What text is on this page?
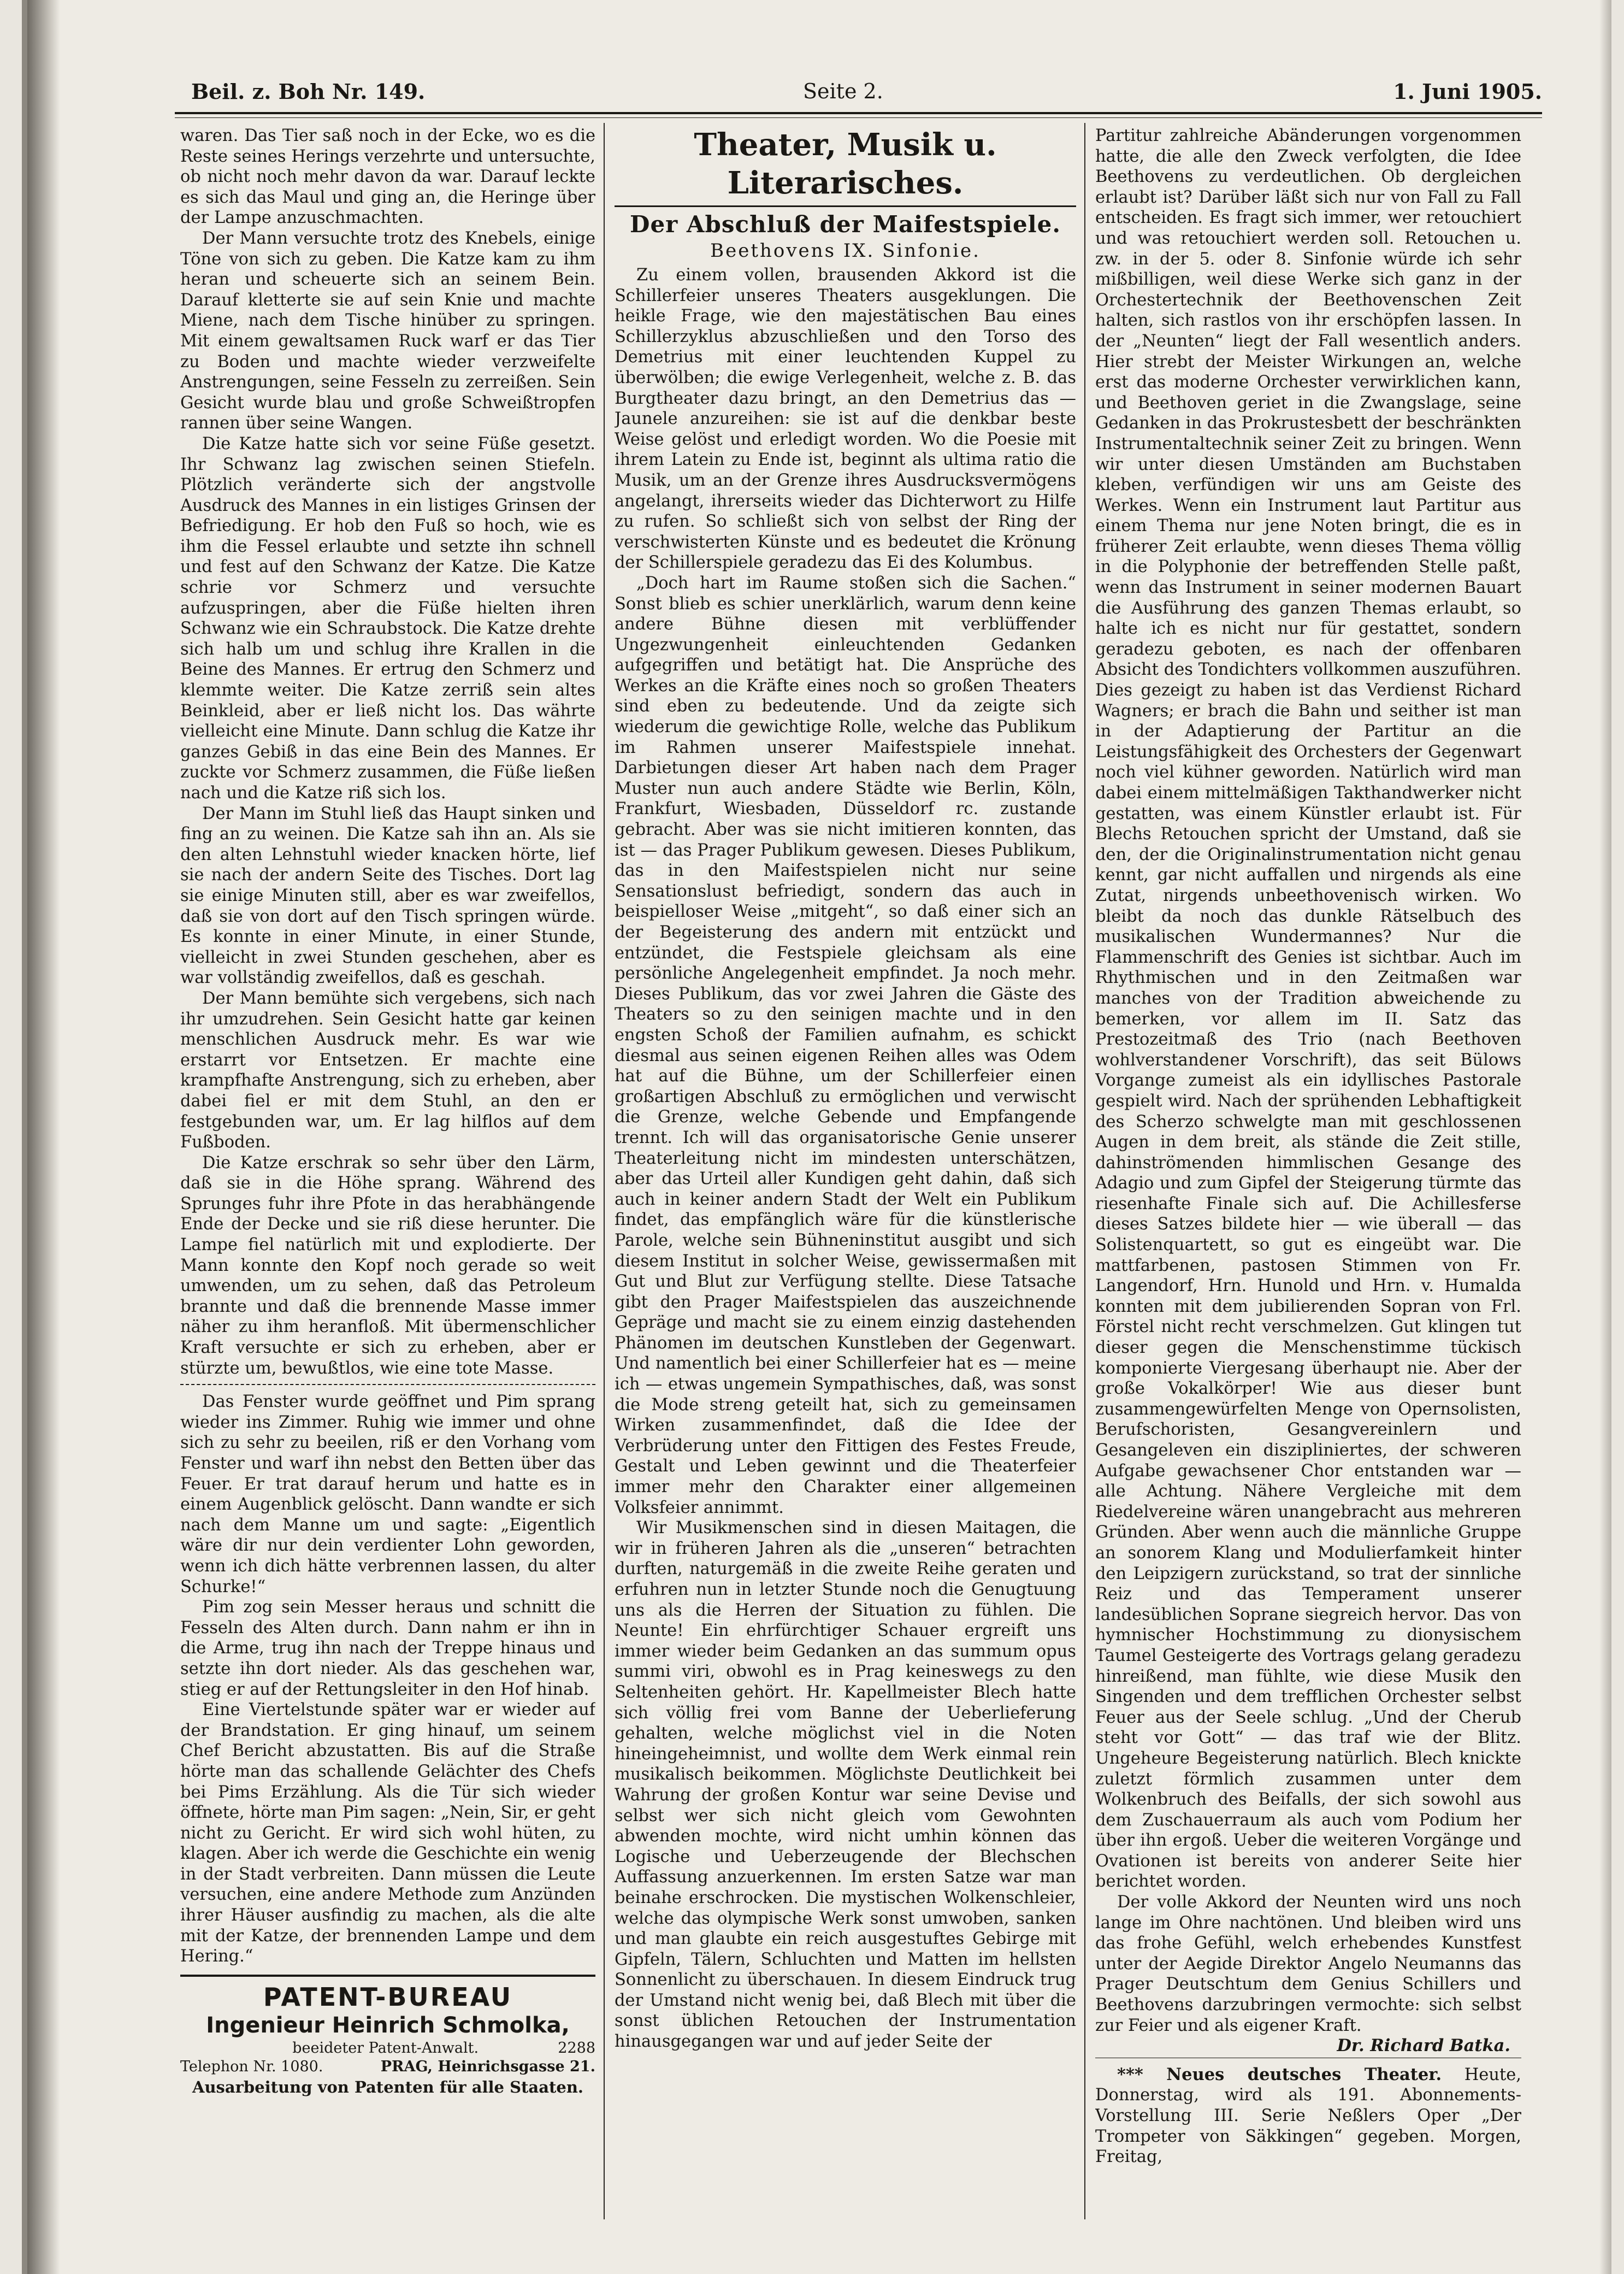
Beil. z. Boh Nr. 149.	Seite 2.	1. Juni 1905.

waren. Das Tier saß noch in der Ecke, wo es die Reste seines Herings verzehrte und untersuchte, ob nicht noch mehr davon da war. Darauf leckte es sich das Maul und ging an, die Heringe über der Lampe anzuschmachten.

Der Mann versuchte trotz des Knebels, einige Töne von sich zu geben. Die Katze kam zu ihm heran und scheuerte sich an seinem Bein. Darauf kletterte sie auf sein Knie und machte Miene, nach dem Tische hinüber zu springen. Mit einem gewaltsamen Ruck warf er das Tier zu Boden und machte wieder verzweifelte Anstrengungen, seine Fesseln zu zerreißen. Sein Gesicht wurde blau und große Schweißtropfen rannen über seine Wangen.

Die Katze hatte sich vor seine Füße gesetzt. Ihr Schwanz lag zwischen seinen Stiefeln. Plötzlich veränderte sich der angstvolle Ausdruck des Mannes in ein listiges Grinsen der Befriedigung. Er hob den Fuß so hoch, wie es ihm die Fessel erlaubte und setzte ihn schnell und fest auf den Schwanz der Katze. Die Katze schrie vor Schmerz und versuchte aufzuspringen, aber die Füße hielten ihren Schwanz wie ein Schraubstock. Die Katze drehte sich halb um und schlug ihre Krallen in die Beine des Mannes. Er ertrug den Schmerz und klemmte weiter. Die Katze zerriß sein altes Beinkleid, aber er ließ nicht los. Das währte vielleicht eine Minute. Dann schlug die Katze ihr ganzes Gebiß in das eine Bein des Mannes. Er zuckte vor Schmerz zusammen, die Füße ließen nach und die Katze riß sich los.

Der Mann im Stuhl ließ das Haupt sinken und fing an zu weinen. Die Katze sah ihn an. Als sie den alten Lehnstuhl wieder knacken hörte, lief sie nach der andern Seite des Tisches. Dort lag sie einige Minuten still, aber es war zweifellos, daß sie von dort auf den Tisch springen würde. Es konnte in einer Minute, in einer Stunde, vielleicht in zwei Stunden geschehen, aber es war vollständig zweifellos, daß es geschah.

Der Mann bemühte sich vergebens, sich nach ihr umzudrehen. Sein Gesicht hatte gar keinen menschlichen Ausdruck mehr. Es war wie erstarrt vor Entsetzen. Er machte eine krampfhafte Anstrengung, sich zu erheben, aber dabei fiel er mit dem Stuhl, an den er festgebunden war, um. Er lag hilflos auf dem Fußboden.

Die Katze erschrak so sehr über den Lärm, daß sie in die Höhe sprang. Während des Sprunges fuhr ihre Pfote in das herabhängende Ende der Decke und sie riß diese herunter. Die Lampe fiel natürlich mit und explodierte. Der Mann konnte den Kopf noch gerade so weit umwenden, um zu sehen, daß das Petroleum brannte und daß die brennende Masse immer näher zu ihm heranfloß. Mit übermenschlicher Kraft versuchte er sich zu erheben, aber er stürzte um, bewußtlos, wie eine tote Masse.

Das Fenster wurde geöffnet und Pim sprang wieder ins Zimmer. Ruhig wie immer und ohne sich zu sehr zu beeilen, riß er den Vorhang vom Fenster und warf ihn nebst den Betten über das Feuer. Er trat darauf herum und hatte es in einem Augenblick gelöscht. Dann wandte er sich nach dem Manne um und sagte: „Eigentlich wäre dir nur dein verdienter Lohn geworden, wenn ich dich hätte verbrennen lassen, du alter Schurke!“

Pim zog sein Messer heraus und schnitt die Fesseln des Alten durch. Dann nahm er ihn in die Arme, trug ihn nach der Treppe hinaus und setzte ihn dort nieder. Als das geschehen war, stieg er auf der Rettungsleiter in den Hof hinab.

Eine Viertelstunde später war er wieder auf der Brandstation. Er ging hinauf, um seinem Chef Bericht abzustatten. Bis auf die Straße hörte man das schallende Gelächter des Chefs bei Pims Erzählung. Als die Tür sich wieder öffnete, hörte man Pim sagen: „Nein, Sir, er geht nicht zu Gericht. Er wird sich wohl hüten, zu klagen. Aber ich werde die Geschichte ein wenig in der Stadt verbreiten. Dann müssen die Leute versuchen, eine andere Methode zum Anzünden ihrer Häuser ausfindig zu machen, als die alte mit der Katze, der brennenden Lampe und dem Hering.“

PATENT-BUREAU
Ingenieur Heinrich Schmolka,
beeideter Patent-Anwalt.	2288
Telephon Nr. 1080.	PRAG, Heinrichsgasse 21.
Ausarbeitung von Patenten für alle Staaten.
Theater, Musik u. Literarisches.
Der Abschluß der Maifestspiele.
Beethovens IX. Sinfonie.

Zu einem vollen, brausenden Akkord ist die Schillerfeier unseres Theaters ausgeklungen. Die heikle Frage, wie den majestätischen Bau eines Schillerzyklus abzuschließen und den Torso des Demetrius mit einer leuchtenden Kuppel zu überwölben; die ewige Verlegenheit, welche z. B. das Burgtheater dazu bringt, an den Demetrius das — Jaunele anzureihen: sie ist auf die denkbar beste Weise gelöst und erledigt worden. Wo die Poesie mit ihrem Latein zu Ende ist, beginnt als ultima ratio die Musik, um an der Grenze ihres Ausdrucksvermögens angelangt, ihrerseits wieder das Dichterwort zu Hilfe zu rufen. So schließt sich von selbst der Ring der verschwisterten Künste und es bedeutet die Krönung der Schillerspiele geradezu das Ei des Kolumbus.

„Doch hart im Raume stoßen sich die Sachen.“ Sonst blieb es schier unerklärlich, warum denn keine andere Bühne diesen mit verblüffender Ungezwungenheit einleuchtenden Gedanken aufgegriffen und betätigt hat. Die Ansprüche des Werkes an die Kräfte eines noch so großen Theaters sind eben zu bedeutende. Und da zeigte sich wiederum die gewichtige Rolle, welche das Publikum im Rahmen unserer Maifestspiele innehat. Darbietungen dieser Art haben nach dem Prager Muster nun auch andere Städte wie Berlin, Köln, Frankfurt, Wiesbaden, Düsseldorf rc. zustande gebracht. Aber was sie nicht imitieren konnten, das ist — das Prager Publikum gewesen. Dieses Publikum, das in den Maifestspielen nicht nur seine Sensationslust befriedigt, sondern das auch in beispielloser Weise „mitgeht“, so daß einer sich an der Begeisterung des andern mit entzückt und entzündet, die Festspiele gleichsam als eine persönliche Angelegenheit empfindet. Ja noch mehr. Dieses Publikum, das vor zwei Jahren die Gäste des Theaters so zu den seinigen machte und in den engsten Schoß der Familien aufnahm, es schickt diesmal aus seinen eigenen Reihen alles was Odem hat auf die Bühne, um der Schillerfeier einen großartigen Abschluß zu ermöglichen und verwischt die Grenze, welche Gebende und Empfangende trennt. Ich will das organisatorische Genie unserer Theaterleitung nicht im mindesten unterschätzen, aber das Urteil aller Kundigen geht dahin, daß sich auch in keiner andern Stadt der Welt ein Publikum findet, das empfänglich wäre für die künstlerische Parole, welche sein Bühneninstitut ausgibt und sich diesem Institut in solcher Weise, gewissermaßen mit Gut und Blut zur Verfügung stellte. Diese Tatsache gibt den Prager Maifestspielen das auszeichnende Gepräge und macht sie zu einem einzig dastehenden Phänomen im deutschen Kunstleben der Gegenwart. Und namentlich bei einer Schillerfeier hat es — meine ich — etwas ungemein Sympathisches, daß, was sonst die Mode streng geteilt hat, sich zu gemeinsamen Wirken zusammenfindet, daß die Idee der Verbrüderung unter den Fittigen des Festes Freude, Gestalt und Leben gewinnt und die Theaterfeier immer mehr den Charakter einer allgemeinen Volksfeier annimmt.

Wir Musikmenschen sind in diesen Maitagen, die wir in früheren Jahren als die „unseren“ betrachten durften, naturgemäß in die zweite Reihe geraten und erfuhren nun in letzter Stunde noch die Genugtuung uns als die Herren der Situation zu fühlen. Die Neunte! Ein ehrfürchtiger Schauer ergreift uns immer wieder beim Gedanken an das summum opus summi viri, obwohl es in Prag keineswegs zu den Seltenheiten gehört. Hr. Kapellmeister Blech hatte sich völlig frei vom Banne der Ueberlieferung gehalten, welche möglichst viel in die Noten hineingeheimnist, und wollte dem Werk einmal rein musikalisch beikommen. Möglichste Deutlichkeit bei Wahrung der großen Kontur war seine Devise und selbst wer sich nicht gleich vom Gewohnten abwenden mochte, wird nicht umhin können das Logische und Ueberzeugende der Blechschen Auffassung anzuerkennen. Im ersten Satze war man beinahe erschrocken. Die mystischen Wolkenschleier, welche das olympische Werk sonst umwoben, sanken und man glaubte ein reich ausgestuftes Gebirge mit Gipfeln, Tälern, Schluchten und Matten im hellsten Sonnenlicht zu überschauen. In diesem Eindruck trug der Umstand nicht wenig bei, daß Blech mit über die sonst üblichen Retouchen der Instrumentation hinausgegangen war und auf jeder Seite der

Partitur zahlreiche Abänderungen vorgenommen hatte, die alle den Zweck verfolgten, die Idee Beethovens zu verdeutlichen. Ob dergleichen erlaubt ist? Darüber läßt sich nur von Fall zu Fall entscheiden. Es fragt sich immer, wer retouchiert und was retouchiert werden soll. Retouchen u. zw. in der 5. oder 8. Sinfonie würde ich sehr mißbilligen, weil diese Werke sich ganz in der Orchestertechnik der Beethovenschen Zeit halten, sich rastlos von ihr erschöpfen lassen. In der „Neunten“ liegt der Fall wesentlich anders. Hier strebt der Meister Wirkungen an, welche erst das moderne Orchester verwirklichen kann, und Beethoven geriet in die Zwangslage, seine Gedanken in das Prokrustesbett der beschränkten Instrumentaltechnik seiner Zeit zu bringen. Wenn wir unter diesen Umständen am Buchstaben kleben, verfündigen wir uns am Geiste des Werkes. Wenn ein Instrument laut Partitur aus einem Thema nur jene Noten bringt, die es in früherer Zeit erlaubte, wenn dieses Thema völlig in die Polyphonie der betreffenden Stelle paßt, wenn das Instrument in seiner modernen Bauart die Ausführung des ganzen Themas erlaubt, so halte ich es nicht nur für gestattet, sondern geradezu geboten, es nach der offenbaren Absicht des Tondichters vollkommen auszuführen. Dies gezeigt zu haben ist das Verdienst Richard Wagners; er brach die Bahn und seither ist man in der Adaptierung der Partitur an die Leistungsfähigkeit des Orchesters der Gegenwart noch viel kühner geworden. Natürlich wird man dabei einem mittelmäßigen Takthandwerker nicht gestatten, was einem Künstler erlaubt ist. Für Blechs Retouchen spricht der Umstand, daß sie den, der die Originalinstrumentation nicht genau kennt, gar nicht auffallen und nirgends als eine Zutat, nirgends unbeethovenisch wirken. Wo bleibt da noch das dunkle Rätselbuch des musikalischen Wundermannes? Nur die Flammenschrift des Genies ist sichtbar. Auch im Rhythmischen und in den Zeitmaßen war manches von der Tradition abweichende zu bemerken, vor allem im II. Satz das Prestozeitmaß des Trio (nach Beethoven wohlverstandener Vorschrift), das seit Bülows Vorgange zumeist als ein idyllisches Pastorale gespielt wird. Nach der sprühenden Lebhaftigkeit des Scherzo schwelgte man mit geschlossenen Augen in dem breit, als stände die Zeit stille, dahinströmenden himmlischen Gesange des Adagio und zum Gipfel der Steigerung türmte das riesenhafte Finale sich auf. Die Achillesferse dieses Satzes bildete hier — wie überall — das Solistenquartett, so gut es eingeübt war. Die mattfarbenen, pastosen Stimmen von Fr. Langendorf, Hrn. Hunold und Hrn. v. Humalda konnten mit dem jubilierenden Sopran von Frl. Förstel nicht recht verschmelzen. Gut klingen tut dieser gegen die Menschenstimme tückisch komponierte Viergesang überhaupt nie. Aber der große Vokalkörper! Wie aus dieser bunt zusammengewürfelten Menge von Opernsolisten, Berufschoristen, Gesangvereinlern und Gesangeleven ein diszipliniertes, der schweren Aufgabe gewachsener Chor entstanden war — alle Achtung. Nähere Vergleiche mit dem Riedelvereine wären unangebracht aus mehreren Gründen. Aber wenn auch die männliche Gruppe an sonorem Klang und Modulierfamkeit hinter den Leipzigern zurückstand, so trat der sinnliche Reiz und das Temperament unserer landesüblichen Soprane siegreich hervor. Das von hymnischer Hochstimmung zu dionysischem Taumel Gesteigerte des Vortrags gelang geradezu hinreißend, man fühlte, wie diese Musik den Singenden und dem trefflichen Orchester selbst Feuer aus der Seele schlug. „Und der Cherub steht vor Gott“ — das traf wie der Blitz. Ungeheure Begeisterung natürlich. Blech knickte zuletzt förmlich zusammen unter dem Wolkenbruch des Beifalls, der sich sowohl aus dem Zuschauerraum als auch vom Podium her über ihn ergoß. Ueber die weiteren Vorgänge und Ovationen ist bereits von anderer Seite hier berichtet worden.

Der volle Akkord der Neunten wird uns noch lange im Ohre nachtönen. Und bleiben wird uns das frohe Gefühl, welch erhebendes Kunstfest unter der Aegide Direktor Angelo Neumanns das Prager Deutschtum dem Genius Schillers und Beethovens darzubringen vermochte: sich selbst zur Feier und als eigener Kraft.

Dr. Richard Batka.

*** Neues deutsches Theater. Heute, Donnerstag, wird als 191. Abonnements-Vorstellung III. Serie Neßlers Oper „Der Trompeter von Säkkingen“ gegeben. Morgen, Freitag,
